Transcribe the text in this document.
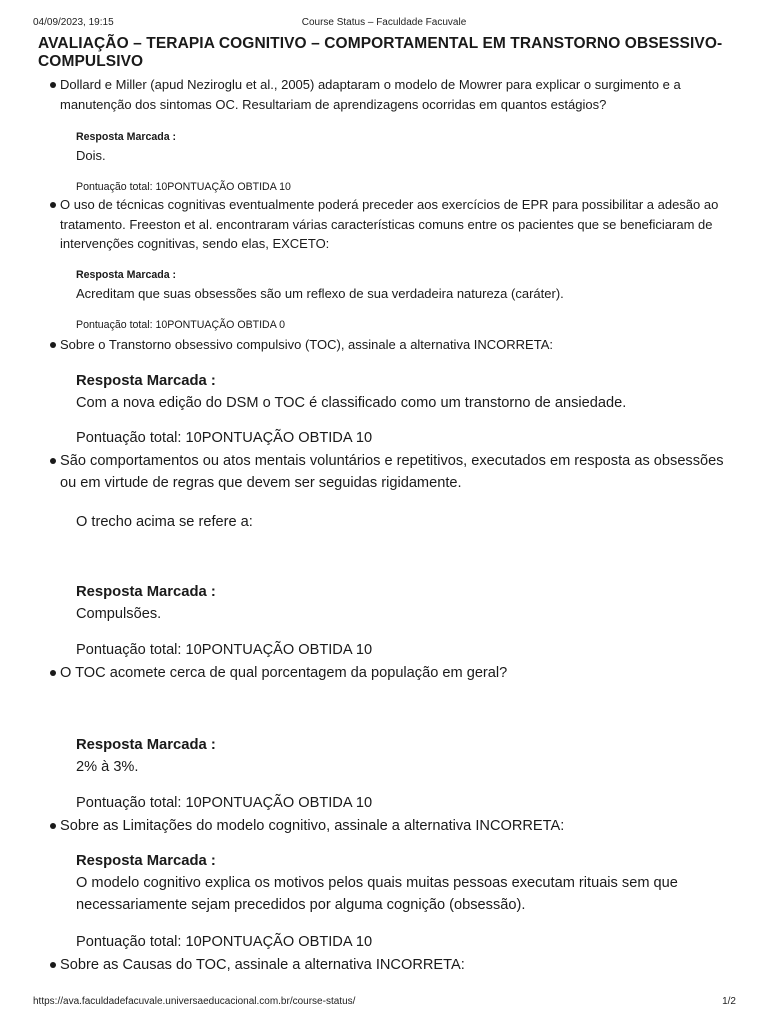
04/09/2023, 19:15	Course Status – Faculdade Facuvale
AVALIAÇÃO – TERAPIA COGNITIVO – COMPORTAMENTAL EM TRANSTORNO OBSESSIVO-COMPULSIVO

Dollard e Miller (apud Neziroglu et al., 2005) adaptaram o modelo de Mowrer para explicar o surgimento e a manutenção dos sintomas OC. Resultariam de aprendizagens ocorridas em quantos estágios?

Resposta Marcada :

Dois.

Pontuação total: 10PONTUAÇÃO OBTIDA 10

O uso de técnicas cognitivas eventualmente poderá preceder aos exercícios de EPR para possibilitar a adesão ao tratamento. Freeston et al. encontraram várias características comuns entre os pacientes que se beneficiaram de intervenções cognitivas, sendo elas, EXCETO:

Resposta Marcada :

Acreditam que suas obsessões são um reflexo de sua verdadeira natureza (caráter).

Pontuação total: 10PONTUAÇÃO OBTIDA 0

Sobre o Transtorno obsessivo compulsivo (TOC), assinale a alternativa INCORRETA:

Resposta Marcada :

Com a nova edição do DSM o TOC é classificado como um transtorno de ansiedade.

Pontuação total: 10PONTUAÇÃO OBTIDA 10

São comportamentos ou atos mentais voluntários e repetitivos, executados em resposta as obsessões ou em virtude de regras que devem ser seguidas rigidamente.

O trecho acima se refere a:

Resposta Marcada :

Compulsões.

Pontuação total: 10PONTUAÇÃO OBTIDA 10

O TOC acomete cerca de qual porcentagem da população em geral?

Resposta Marcada :

2% à 3%.

Pontuação total: 10PONTUAÇÃO OBTIDA 10

Sobre as Limitações do modelo cognitivo, assinale a alternativa INCORRETA:

Resposta Marcada :

O modelo cognitivo explica os motivos pelos quais muitas pessoas executam rituais sem que necessariamente sejam precedidos por alguma cognição (obsessão).

Pontuação total: 10PONTUAÇÃO OBTIDA 10

Sobre as Causas do TOC, assinale a alternativa INCORRETA:

https://ava.faculdadefacuvale.universaeducacional.com.br/course-status/	1/2
